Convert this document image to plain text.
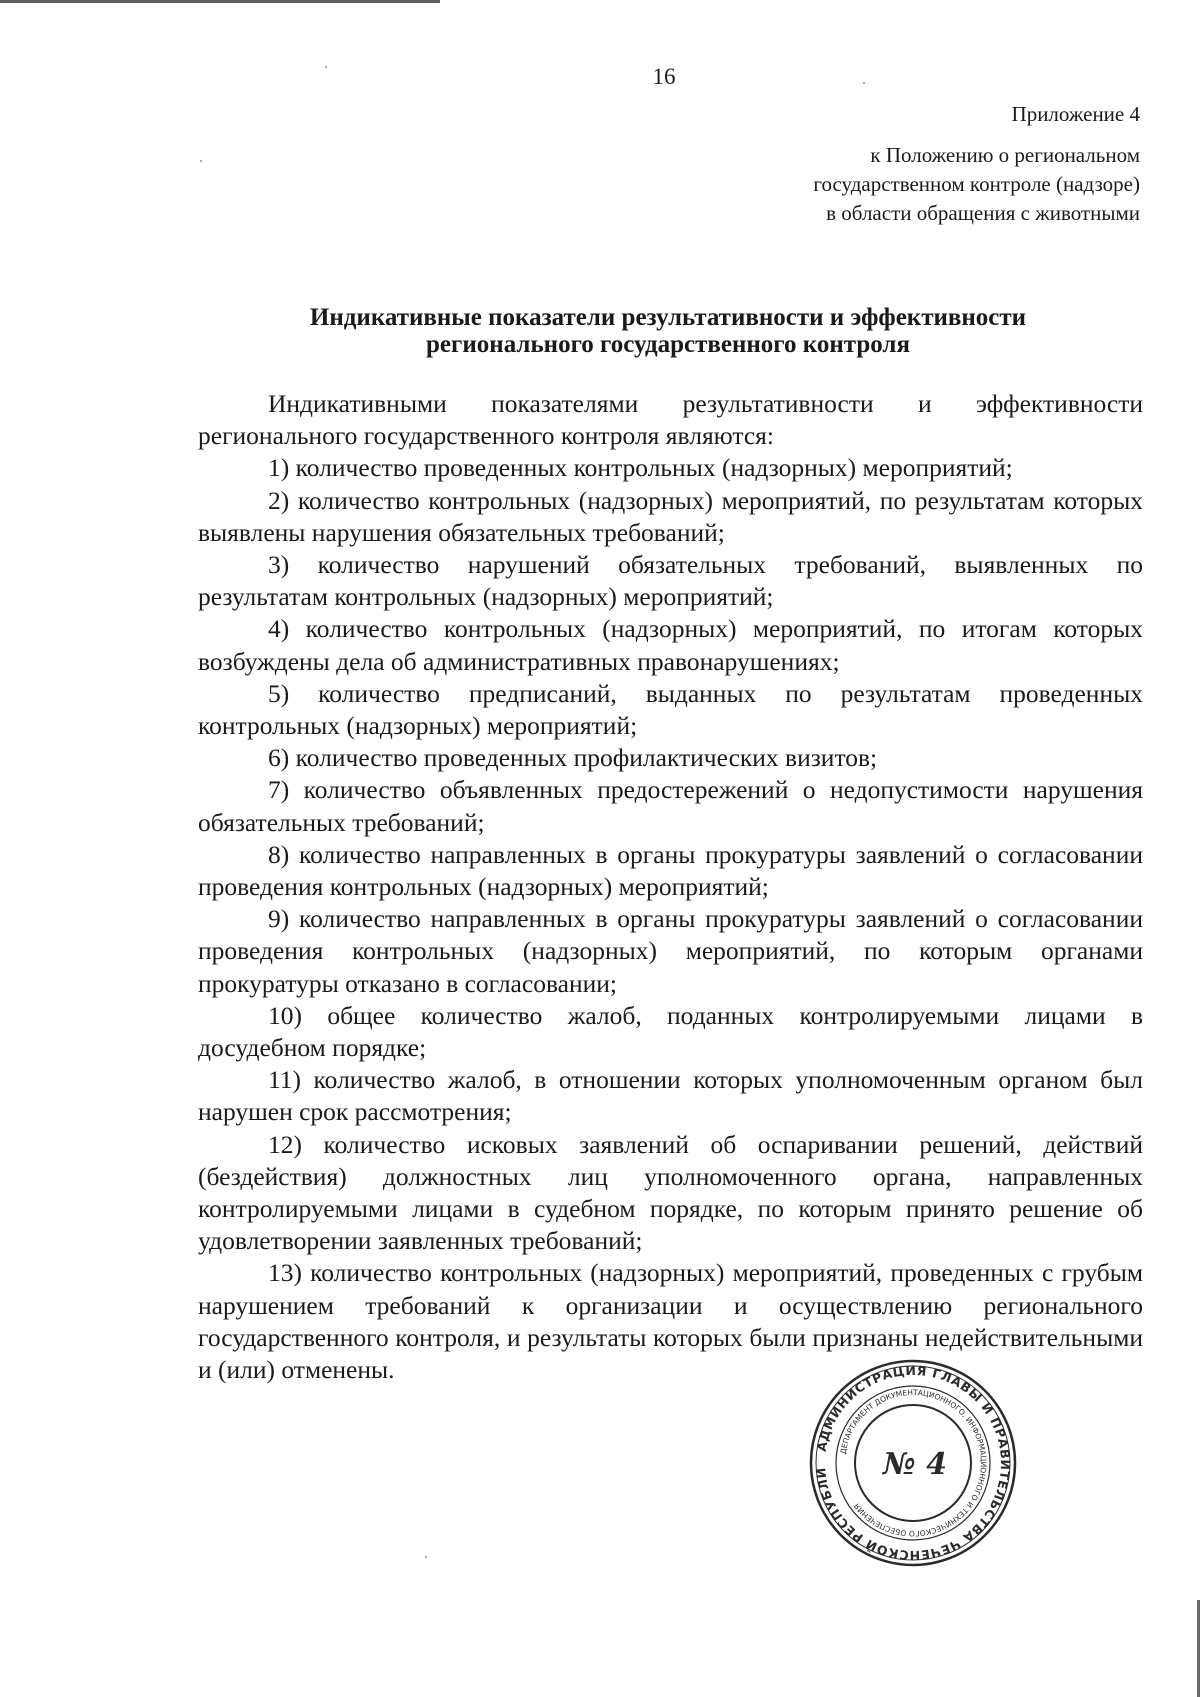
16
Приложение 4
к Положению о региональном
государственном контроле (надзоре)
в области обращения с животными
Индикативные показатели результативности и эффективности
регионального государственного контроля

Индикативными показателями результативности и эффективности регионального государственного контроля являются:

1) количество проведенных контрольных (надзорных) мероприятий;

2) количество контрольных (надзорных) мероприятий, по результатам которых выявлены нарушения обязательных требований;

3) количество нарушений обязательных требований, выявленных по результатам контрольных (надзорных) мероприятий;

4) количество контрольных (надзорных) мероприятий, по итогам которых возбуждены дела об административных правонарушениях;

5) количество предписаний, выданных по результатам проведенных контрольных (надзорных) мероприятий;

6) количество проведенных профилактических визитов;

7) количество объявленных предостережений о недопустимости нарушения обязательных требований;

8) количество направленных в органы прокуратуры заявлений о согласовании проведения контрольных (надзорных) мероприятий;

9) количество направленных в органы прокуратуры заявлений о согласовании проведения контрольных (надзорных) мероприятий, по которым органами прокуратуры отказано в согласовании;

10) общее количество жалоб, поданных контролируемыми лицами в досудебном порядке;

11) количество жалоб, в отношении которых уполномоченным органом был нарушен срок рассмотрения;

12) количество исковых заявлений об оспаривании решений, действий (бездействия) должностных лиц уполномоченного органа, направленных контролируемыми лицами в судебном порядке, по которым принято решение об удовлетворении заявленных требований;

13) количество контрольных (надзорных) мероприятий, проведенных с грубым нарушением требований к организации и осуществлению регионального государственного контроля, и результаты которых были признаны недействительными и (или) отменены.

АДМИНИСТРАЦИЯ ГЛАВЫ И ПРАВИТЕЛЬСТВА ЧЕЧЕНСКОЙ РЕСПУБЛИ
ДЕПАРТАМЕНТ ДОКУМЕНТАЦИОННОГО, ИНФОРМАЦИОННОГО И ТЕХНИЧЕСКОГО ОБЕСПЕЧЕНИЯ
№ 4
